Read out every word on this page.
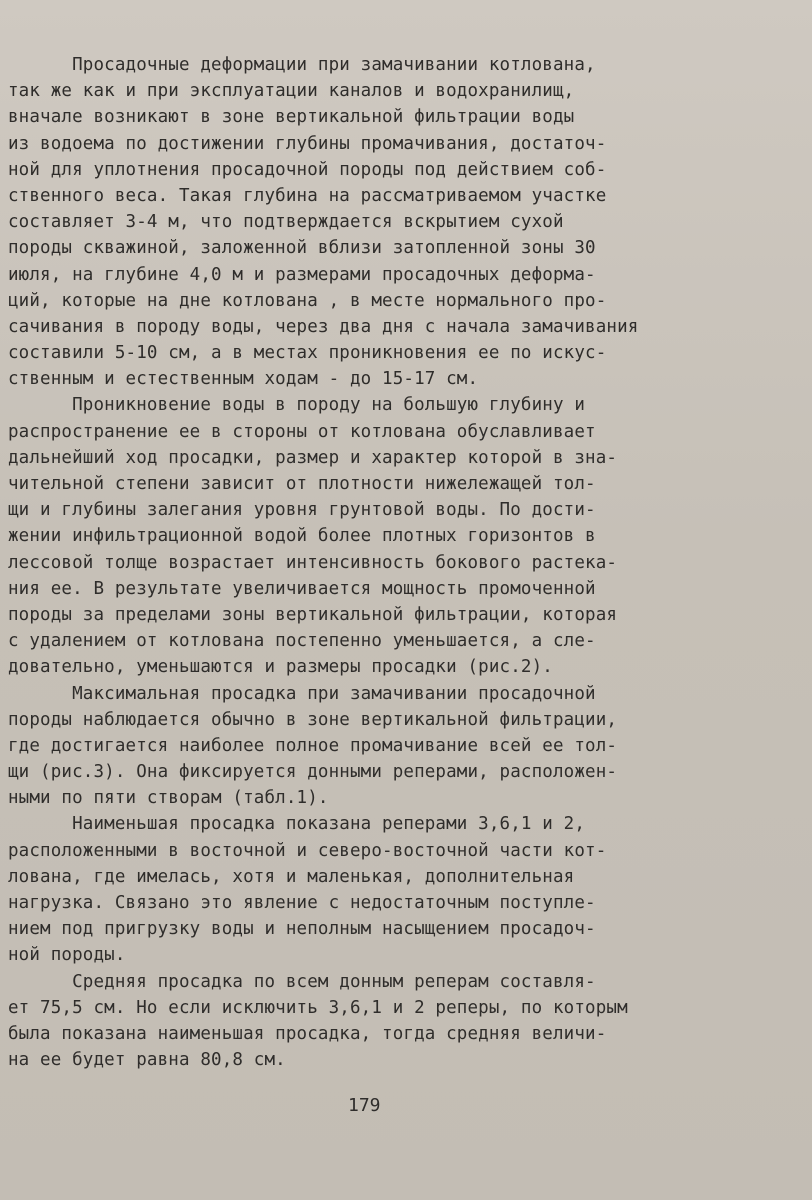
Просадочные деформации при замачивании котлована,
так же как и при эксплуатации каналов и водохранилищ,
вначале возникают в зоне вертикальной фильтрации воды
из водоема по достижении глубины промачивания, достаточ-
ной для уплотнения просадочной породы под действием соб-
ственного веса. Такая глубина на рассматриваемом участке
составляет 3-4 м, что подтверждается вскрытием сухой
породы скважиной, заложенной вблизи затопленной зоны 30
июля, на глубине 4,0 м и размерами просадочных деформа-
ций, которые на дне котлована , в месте нормального про-
сачивания в породу воды, через два дня с начала замачивания
составили 5-10 см, а в местах проникновения ее по искус-
ственным и естественным ходам - до 15-17 см.
Проникновение воды в породу на большую глубину и
распространение ее в стороны от котлована обуславливает
дальнейший ход просадки, размер и характер которой в зна-
чительной степени зависит от плотности нижележащей тол-
щи и глубины залегания уровня грунтовой воды. По дости-
жении инфильтрационной водой более плотных горизонтов в
лессовой толще возрастает интенсивность бокового растека-
ния ее. В результате увеличивается мощность промоченной
породы за пределами зоны вертикальной фильтрации, которая
с удалением от котлована постепенно уменьшается, а сле-
довательно, уменьшаются и размеры просадки (рис.2).
Максимальная просадка при замачивании просадочной
породы наблюдается обычно в зоне вертикальной фильтрации,
где достигается наиболее полное промачивание всей ее тол-
щи (рис.3). Она фиксируется донными реперами, расположен-
ными по пяти створам (табл.1).
Наименьшая просадка показана реперами 3,6,1 и 2,
расположенными в восточной и северо-восточной части кот-
лована, где имелась, хотя и маленькая, дополнительная
нагрузка. Связано это явление с недостаточным поступле-
нием под пригрузку воды и неполным насыщением просадоч-
ной породы.
Средняя просадка по всем донным реперам составля-
ет 75,5 см. Но если исключить 3,6,1 и 2 реперы, по которым
была показана наименьшая просадка, тогда средняя величи-
на ее будет равна 80,8 см.
179
